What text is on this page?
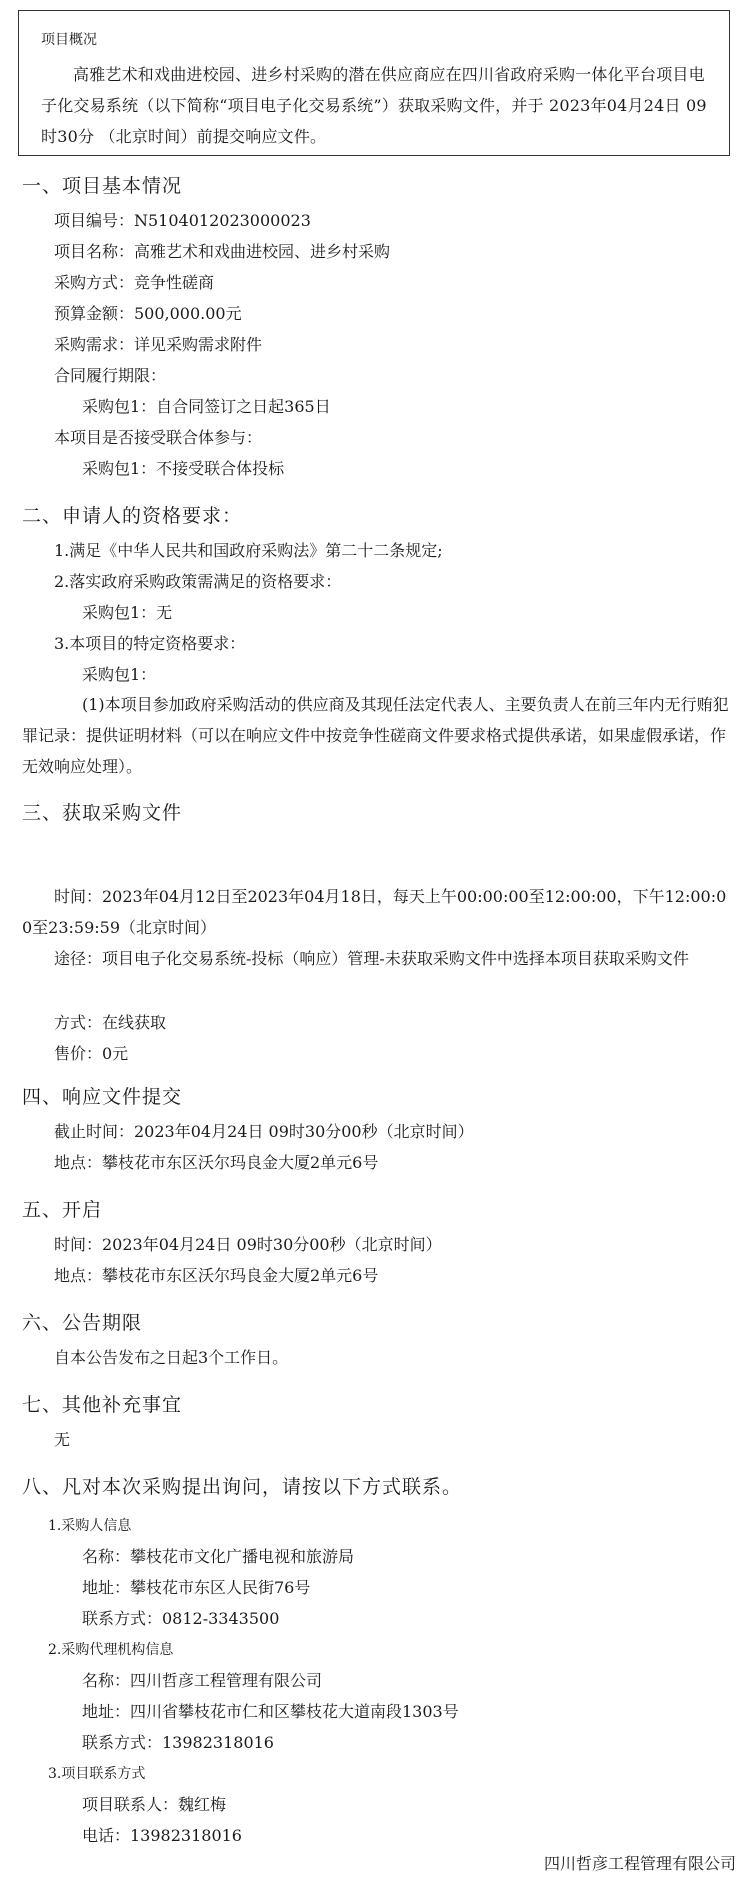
项目概况
高雅艺术和戏曲进校园、进乡村采购的潜在供应商应在四川省政府采购一体化平台项目电子化交易系统（以下简称“项目电子化交易系统”）获取采购文件，并于 2023年04月24日 09时30分 （北京时间）前提交响应文件。
一、项目基本情况
项目编号：N5104012023000023
项目名称：高雅艺术和戏曲进校园、进乡村采购
采购方式：竞争性磋商
预算金额：500,000.00元
采购需求：详见采购需求附件
合同履行期限：
采购包1：自合同签订之日起365日
本项目是否接受联合体参与：
采购包1：不接受联合体投标
二、申请人的资格要求：
1.满足《中华人民共和国政府采购法》第二十二条规定;
2.落实政府采购政策需满足的资格要求：
采购包1：无
3.本项目的特定资格要求：
采购包1：
(1)本项目参加政府采购活动的供应商及其现任法定代表人、主要负责人在前三年内无行贿犯罪记录：提供证明材料（可以在响应文件中按竞争性磋商文件要求格式提供承诺，如果虚假承诺，作无效响应处理）。
三、获取采购文件
时间：2023年04月12日至2023年04月18日，每天上午00:00:00至12:00:00，下午12:00:00至23:59:59（北京时间）
途径：项目电子化交易系统-投标（响应）管理-未获取采购文件中选择本项目获取采购文件
方式：在线获取
售价：0元
四、响应文件提交
截止时间：2023年04月24日 09时30分00秒（北京时间）
地点：攀枝花市东区沃尔玛良金大厦2单元6号
五、开启
时间：2023年04月24日 09时30分00秒（北京时间）
地点：攀枝花市东区沃尔玛良金大厦2单元6号
六、公告期限
自本公告发布之日起3个工作日。
七、其他补充事宜
无
八、凡对本次采购提出询问，请按以下方式联系。
1.采购人信息
名称：攀枝花市文化广播电视和旅游局
地址：攀枝花市东区人民街76号
联系方式：0812-3343500
2.采购代理机构信息
名称：四川哲彦工程管理有限公司
地址：四川省攀枝花市仁和区攀枝花大道南段1303号
联系方式：13982318016
3.项目联系方式
项目联系人：魏红梅
电话：13982318016
四川哲彦工程管理有限公司
